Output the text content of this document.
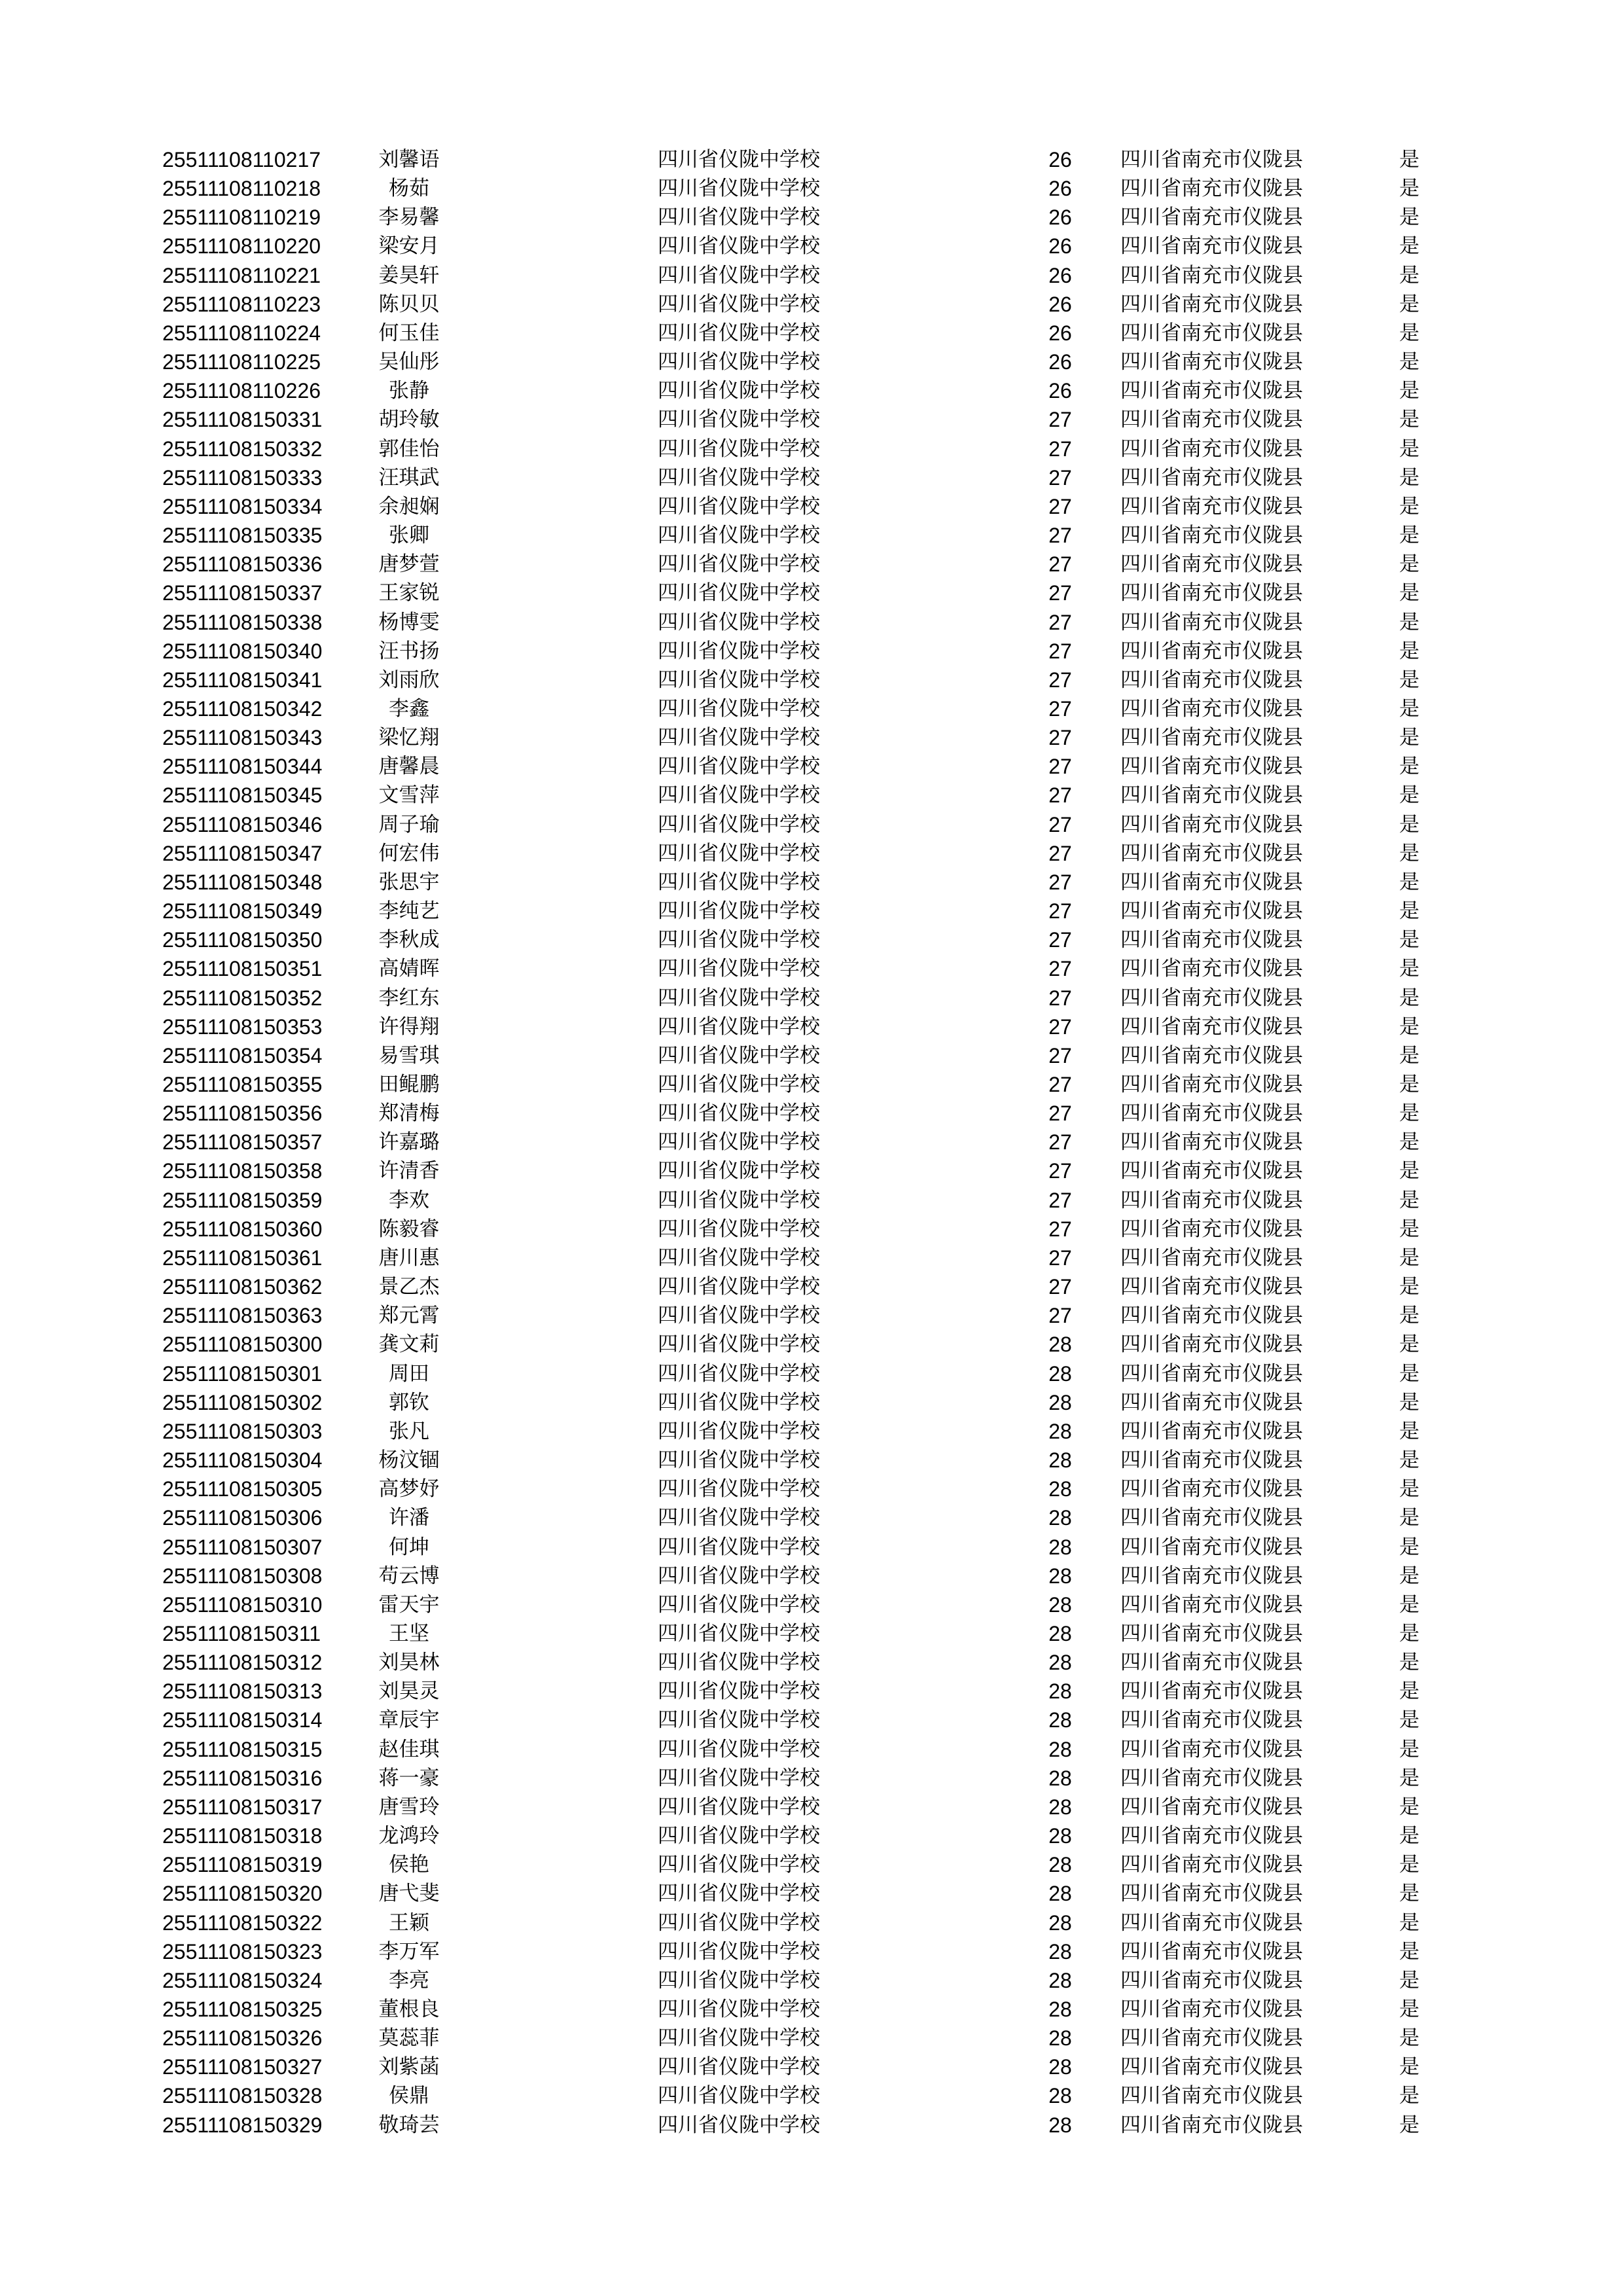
25511108110217	刘馨语	四川省仪陇中学校	26	四川省南充市仪陇县	是
25511108110218	杨茹	四川省仪陇中学校	26	四川省南充市仪陇县	是
25511108110219	李易馨	四川省仪陇中学校	26	四川省南充市仪陇县	是
25511108110220	梁安月	四川省仪陇中学校	26	四川省南充市仪陇县	是
25511108110221	姜昊轩	四川省仪陇中学校	26	四川省南充市仪陇县	是
25511108110223	陈贝贝	四川省仪陇中学校	26	四川省南充市仪陇县	是
25511108110224	何玉佳	四川省仪陇中学校	26	四川省南充市仪陇县	是
25511108110225	吴仙彤	四川省仪陇中学校	26	四川省南充市仪陇县	是
25511108110226	张静	四川省仪陇中学校	26	四川省南充市仪陇县	是
25511108150331	胡玲敏	四川省仪陇中学校	27	四川省南充市仪陇县	是
25511108150332	郭佳怡	四川省仪陇中学校	27	四川省南充市仪陇县	是
25511108150333	汪琪武	四川省仪陇中学校	27	四川省南充市仪陇县	是
25511108150334	余昶娴	四川省仪陇中学校	27	四川省南充市仪陇县	是
25511108150335	张卿	四川省仪陇中学校	27	四川省南充市仪陇县	是
25511108150336	唐梦萱	四川省仪陇中学校	27	四川省南充市仪陇县	是
25511108150337	王家锐	四川省仪陇中学校	27	四川省南充市仪陇县	是
25511108150338	杨博雯	四川省仪陇中学校	27	四川省南充市仪陇县	是
25511108150340	汪书扬	四川省仪陇中学校	27	四川省南充市仪陇县	是
25511108150341	刘雨欣	四川省仪陇中学校	27	四川省南充市仪陇县	是
25511108150342	李鑫	四川省仪陇中学校	27	四川省南充市仪陇县	是
25511108150343	梁忆翔	四川省仪陇中学校	27	四川省南充市仪陇县	是
25511108150344	唐馨晨	四川省仪陇中学校	27	四川省南充市仪陇县	是
25511108150345	文雪萍	四川省仪陇中学校	27	四川省南充市仪陇县	是
25511108150346	周子瑜	四川省仪陇中学校	27	四川省南充市仪陇县	是
25511108150347	何宏伟	四川省仪陇中学校	27	四川省南充市仪陇县	是
25511108150348	张思宇	四川省仪陇中学校	27	四川省南充市仪陇县	是
25511108150349	李纯艺	四川省仪陇中学校	27	四川省南充市仪陇县	是
25511108150350	李秋成	四川省仪陇中学校	27	四川省南充市仪陇县	是
25511108150351	高婧晖	四川省仪陇中学校	27	四川省南充市仪陇县	是
25511108150352	李红东	四川省仪陇中学校	27	四川省南充市仪陇县	是
25511108150353	许得翔	四川省仪陇中学校	27	四川省南充市仪陇县	是
25511108150354	易雪琪	四川省仪陇中学校	27	四川省南充市仪陇县	是
25511108150355	田鲲鹏	四川省仪陇中学校	27	四川省南充市仪陇县	是
25511108150356	郑清梅	四川省仪陇中学校	27	四川省南充市仪陇县	是
25511108150357	许嘉璐	四川省仪陇中学校	27	四川省南充市仪陇县	是
25511108150358	许清香	四川省仪陇中学校	27	四川省南充市仪陇县	是
25511108150359	李欢	四川省仪陇中学校	27	四川省南充市仪陇县	是
25511108150360	陈毅睿	四川省仪陇中学校	27	四川省南充市仪陇县	是
25511108150361	唐川惠	四川省仪陇中学校	27	四川省南充市仪陇县	是
25511108150362	景乙杰	四川省仪陇中学校	27	四川省南充市仪陇县	是
25511108150363	郑元霄	四川省仪陇中学校	27	四川省南充市仪陇县	是
25511108150300	龚文莉	四川省仪陇中学校	28	四川省南充市仪陇县	是
25511108150301	周田	四川省仪陇中学校	28	四川省南充市仪陇县	是
25511108150302	郭钦	四川省仪陇中学校	28	四川省南充市仪陇县	是
25511108150303	张凡	四川省仪陇中学校	28	四川省南充市仪陇县	是
25511108150304	杨汶锢	四川省仪陇中学校	28	四川省南充市仪陇县	是
25511108150305	高梦妤	四川省仪陇中学校	28	四川省南充市仪陇县	是
25511108150306	许潘	四川省仪陇中学校	28	四川省南充市仪陇县	是
25511108150307	何坤	四川省仪陇中学校	28	四川省南充市仪陇县	是
25511108150308	苟云博	四川省仪陇中学校	28	四川省南充市仪陇县	是
25511108150310	雷天宇	四川省仪陇中学校	28	四川省南充市仪陇县	是
25511108150311	王坚	四川省仪陇中学校	28	四川省南充市仪陇县	是
25511108150312	刘昊林	四川省仪陇中学校	28	四川省南充市仪陇县	是
25511108150313	刘昊灵	四川省仪陇中学校	28	四川省南充市仪陇县	是
25511108150314	章辰宇	四川省仪陇中学校	28	四川省南充市仪陇县	是
25511108150315	赵佳琪	四川省仪陇中学校	28	四川省南充市仪陇县	是
25511108150316	蒋一豪	四川省仪陇中学校	28	四川省南充市仪陇县	是
25511108150317	唐雪玲	四川省仪陇中学校	28	四川省南充市仪陇县	是
25511108150318	龙鸿玲	四川省仪陇中学校	28	四川省南充市仪陇县	是
25511108150319	侯艳	四川省仪陇中学校	28	四川省南充市仪陇县	是
25511108150320	唐弋斐	四川省仪陇中学校	28	四川省南充市仪陇县	是
25511108150322	王颖	四川省仪陇中学校	28	四川省南充市仪陇县	是
25511108150323	李万军	四川省仪陇中学校	28	四川省南充市仪陇县	是
25511108150324	李亮	四川省仪陇中学校	28	四川省南充市仪陇县	是
25511108150325	董根良	四川省仪陇中学校	28	四川省南充市仪陇县	是
25511108150326	莫蕊菲	四川省仪陇中学校	28	四川省南充市仪陇县	是
25511108150327	刘紫菡	四川省仪陇中学校	28	四川省南充市仪陇县	是
25511108150328	侯鼎	四川省仪陇中学校	28	四川省南充市仪陇县	是
25511108150329	敬琦芸	四川省仪陇中学校	28	四川省南充市仪陇县	是
